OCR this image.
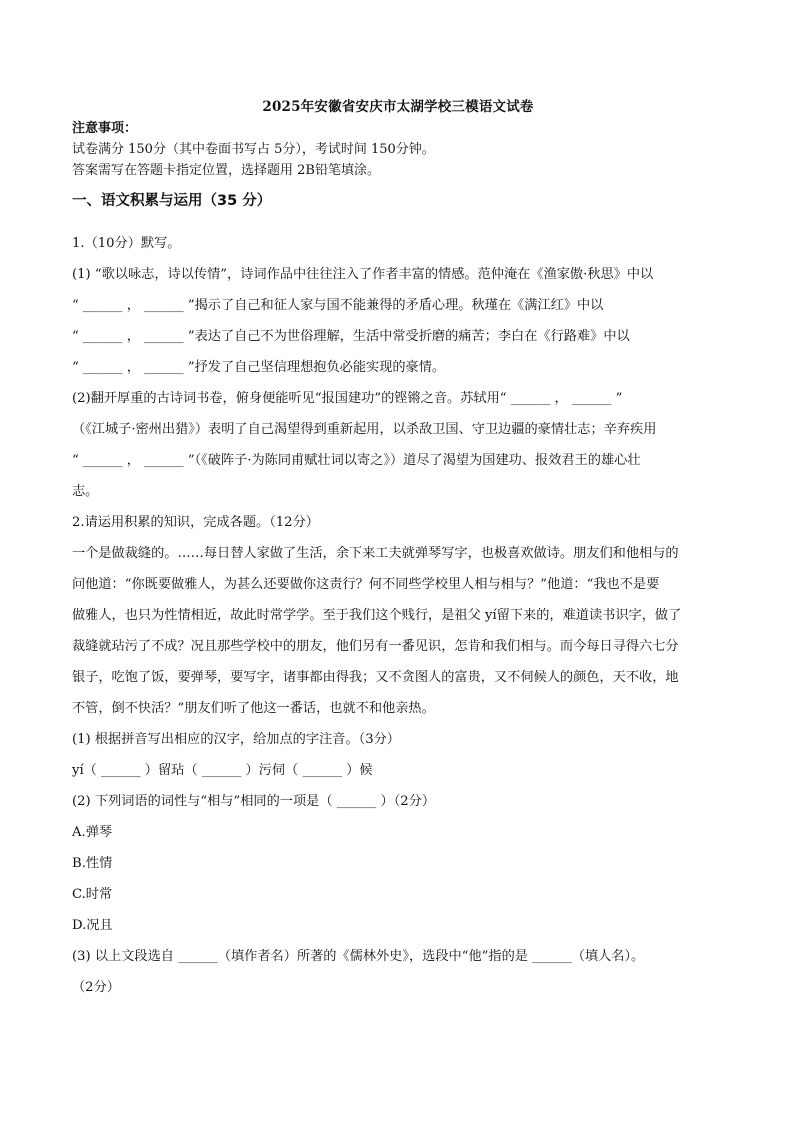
2025年安徽省安庆市太湖学校三模语文试卷
注意事项：
试卷满分 150分（其中卷面书写占 5分），考试时间 150分钟。
答案需写在答题卡指定位置，选择题用 2B铅笔填涂。
一、语文积累与运用（35 分）
1.（10分）默写。
(1) “歌以咏志，诗以传情”，诗词作品中往往注入了作者丰富的情感。范仲淹在《渔家傲·秋思》中以
“ ______ ， ______ ”揭示了自己和征人家与国不能兼得的矛盾心理。秋瑾在《满江红》中以
“ ______ ， ______ ”表达了自己不为世俗理解，生活中常受折磨的痛苦；李白在《行路难》中以
“ ______ ， ______ ”抒发了自己坚信理想抱负必能实现的豪情。
(2)翻开厚重的古诗词书卷，俯身便能听见“报国建功”的铿锵之音。苏轼用“ ______ ， ______ ”
（《江城子·密州出猎》）表明了自己渴望得到重新起用，以杀敌卫国、守卫边疆的豪情壮志；辛弃疾用
“ ______ ， ______ ”（《破阵子·为陈同甫赋壮词以寄之》）道尽了渴望为国建功、报效君王的雄心壮
志。
2.请运用积累的知识，完成各题。（12分）
一个是做裁缝的。……每日替人家做了生活，余下来工夫就弹琴写字，也极喜欢做诗。朋友们和他相与的
问他道：“你既要做雅人，为甚么还要做你这责行？何不同些学校里人相与相与？”他道：“我也不是要
做雅人，也只为性情相近，故此时常学学。至于我们这个贱行，是祖父 yí留下来的，难道读书识字，做了
裁缝就玷污了不成？况且那些学校中的朋友，他们另有一番见识，怎肯和我们相与。而今每日寻得六七分
银子，吃饱了饭，要弹琴，要写字，诸事都由得我；又不贪图人的富贵，又不伺候人的颜色，天不收，地
不管，倒不快活？”朋友们听了他这一番话，也就不和他亲热。
(1) 根据拼音写出相应的汉字，给加点的字注音。（3分）
yí（ ______ ）留玷（ ______ ）污伺（ ______ ）候
(2) 下列词语的词性与“相与”相同的一项是（ ______ ）（2分）
A.弹琴
B.性情
C.时常
D.况且
(3) 以上文段选自 ______（填作者名）所著的《儒林外史》，选段中“他”指的是 ______（填人名）。
（2分）
